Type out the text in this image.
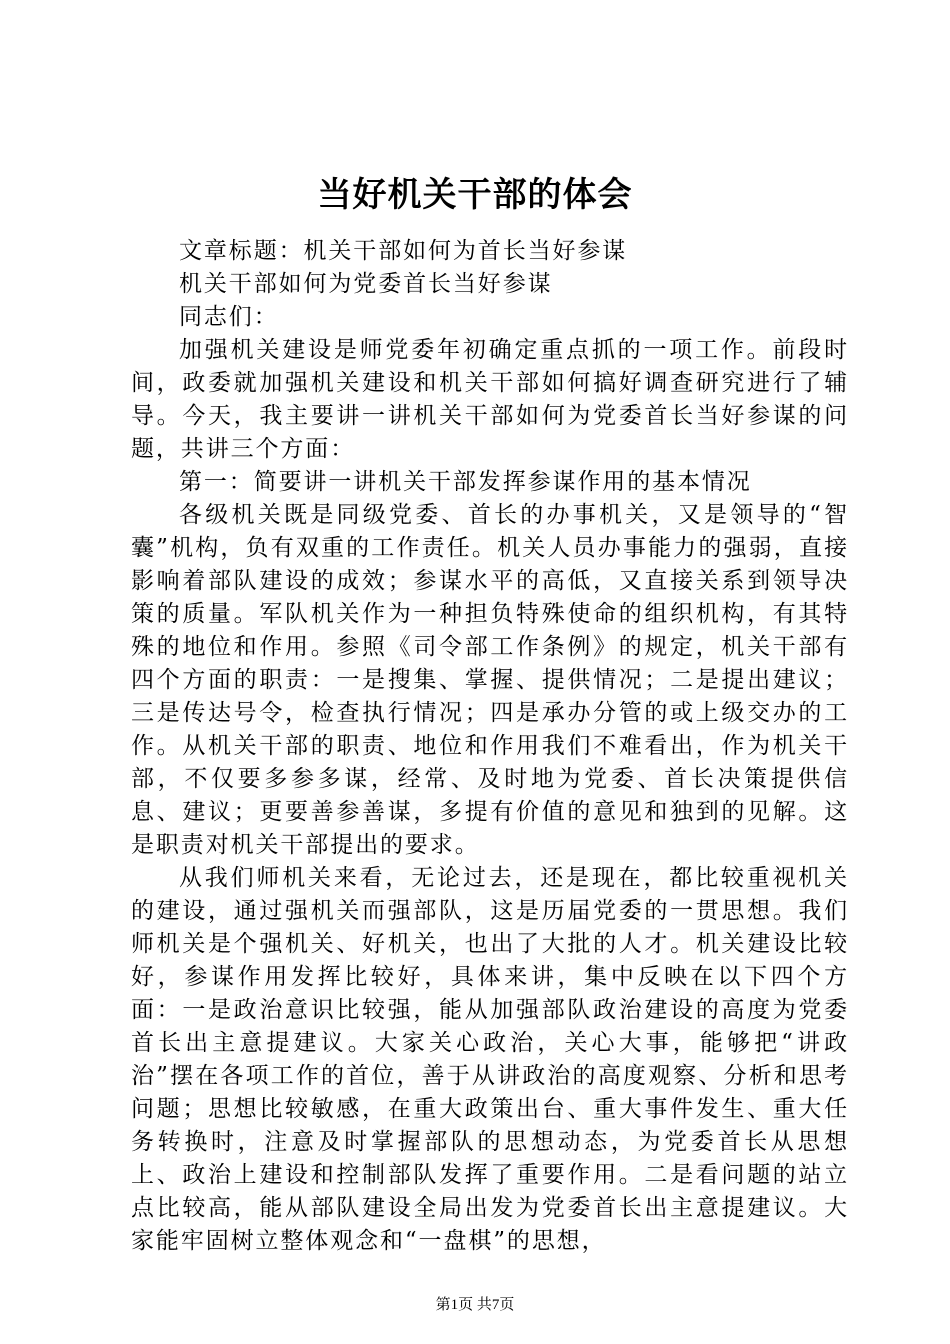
当好机关干部的体会

文章标题：机关干部如何为首长当好参谋

机关干部如何为党委首长当好参谋

同志们：

加强机关建设是师党委年初确定重点抓的一项工作。前段时间，政委就加强机关建设和机关干部如何搞好调查研究进行了辅导。今天，我主要讲一讲机关干部如何为党委首长当好参谋的问题，共讲三个方面：

第一：简要讲一讲机关干部发挥参谋作用的基本情况

各级机关既是同级党委、首长的办事机关，又是领导的“智囊”机构，负有双重的工作责任。机关人员办事能力的强弱，直接影响着部队建设的成效；参谋水平的高低，又直接关系到领导决策的质量。军队机关作为一种担负特殊使命的组织机构，有其特殊的地位和作用。参照《司令部工作条例》的规定，机关干部有四个方面的职责：一是搜集、掌握、提供情况；二是提出建议；三是传达号令，检查执行情况；四是承办分管的或上级交办的工作。从机关干部的职责、地位和作用我们不难看出，作为机关干部，不仅要多参多谋，经常、及时地为党委、首长决策提供信息、建议；更要善参善谋，多提有价值的意见和独到的见解。这是职责对机关干部提出的要求。

从我们师机关来看，无论过去，还是现在，都比较重视机关的建设，通过强机关而强部队，这是历届党委的一贯思想。我们师机关是个强机关、好机关，也出了大批的人才。机关建设比较好，参谋作用发挥比较好，具体来讲，集中反映在以下四个方面：一是政治意识比较强，能从加强部队政治建设的高度为党委首长出主意提建议。大家关心政治，关心大事，能够把“讲政治”摆在各项工作的首位，善于从讲政治的高度观察、分析和思考问题；思想比较敏感，在重大政策出台、重大事件发生、重大任务转换时，注意及时掌握部队的思想动态，为党委首长从思想上、政治上建设和控制部队发挥了重要作用。二是看问题的站立点比较高，能从部队建设全局出发为党委首长出主意提建议。大家能牢固树立整体观念和“一盘棋”的思想，

第1页 共7页
